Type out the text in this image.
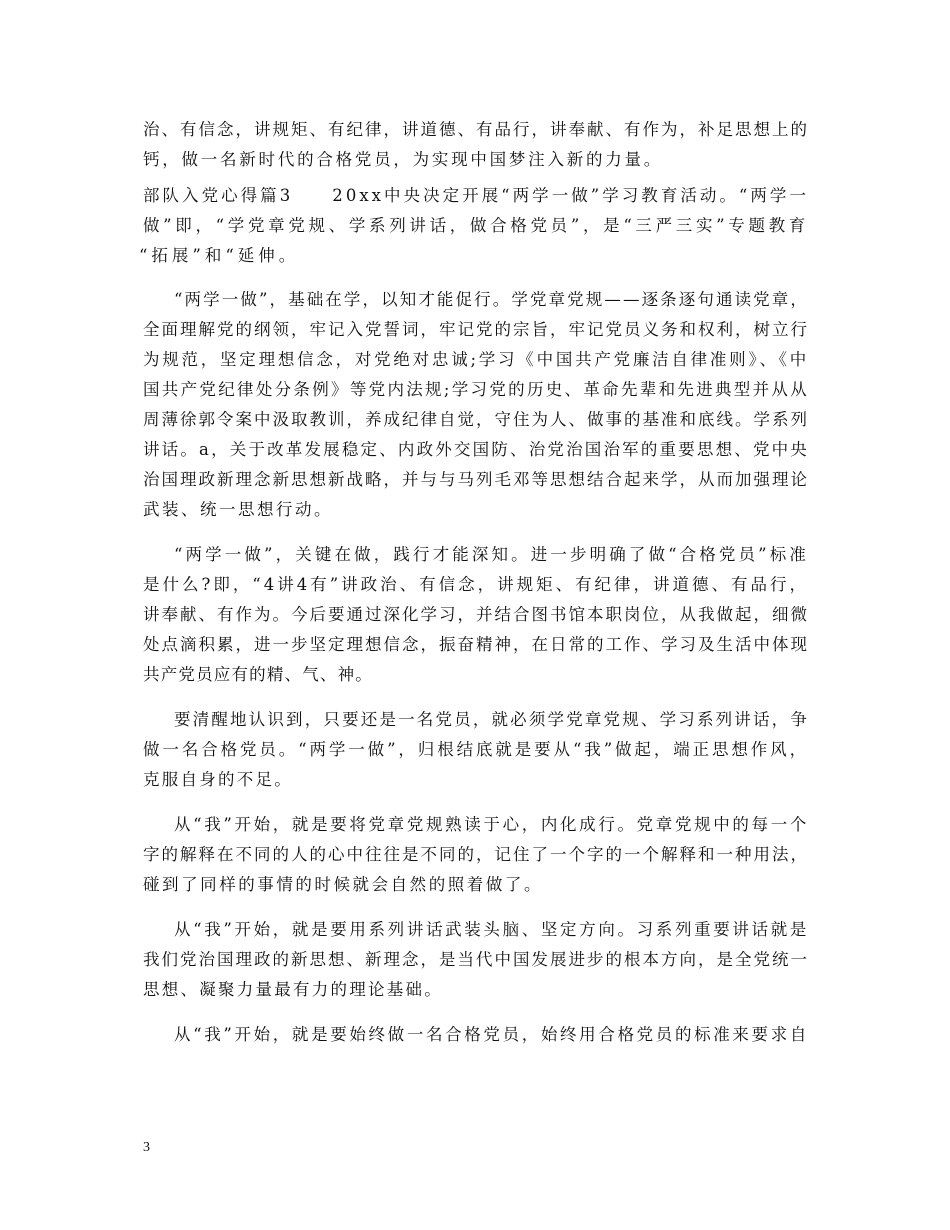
治、有信念，讲规矩、有纪律，讲道德、有品行，讲奉献、有作为，补足思想上的
钙，做一名新时代的合格党员，为实现中国梦注入新的力量。
部队入党心得篇3　　20xx中央决定开展“两学一做”学习教育活动。“两学一
做”即，“学党章党规、学系列讲话，做合格党员”，是“三严三实”专题教育
“拓展”和“延伸。
“两学一做”，基础在学，以知才能促行。学党章党规——逐条逐句通读党章，
全面理解党的纲领，牢记入党誓词，牢记党的宗旨，牢记党员义务和权利，树立行
为规范，坚定理想信念，对党绝对忠诚;学习《中国共产党廉洁自律准则》、《中
国共产党纪律处分条例》等党内法规;学习党的历史、革命先辈和先进典型并从从
周薄徐郭令案中汲取教训，养成纪律自觉，守住为人、做事的基准和底线。学系列
讲话。a，关于改革发展稳定、内政外交国防、治党治国治军的重要思想、党中央
治国理政新理念新思想新战略，并与与马列毛邓等思想结合起来学，从而加强理论
武装、统一思想行动。
“两学一做”，关键在做，践行才能深知。进一步明确了做“合格党员”标准
是什么?即，“4讲4有”讲政治、有信念，讲规矩、有纪律，讲道德、有品行，
讲奉献、有作为。今后要通过深化学习，并结合图书馆本职岗位，从我做起，细微
处点滴积累，进一步坚定理想信念，振奋精神，在日常的工作、学习及生活中体现
共产党员应有的精、气、神。
要清醒地认识到，只要还是一名党员，就必须学党章党规、学习系列讲话，争
做一名合格党员。“两学一做”，归根结底就是要从“我”做起，端正思想作风，
克服自身的不足。
从“我”开始，就是要将党章党规熟读于心，内化成行。党章党规中的每一个
字的解释在不同的人的心中往往是不同的，记住了一个字的一个解释和一种用法，
碰到了同样的事情的时候就会自然的照着做了。
从“我”开始，就是要用系列讲话武装头脑、坚定方向。习系列重要讲话就是
我们党治国理政的新思想、新理念，是当代中国发展进步的根本方向，是全党统一
思想、凝聚力量最有力的理论基础。
从“我”开始，就是要始终做一名合格党员，始终用合格党员的标准来要求自
3
